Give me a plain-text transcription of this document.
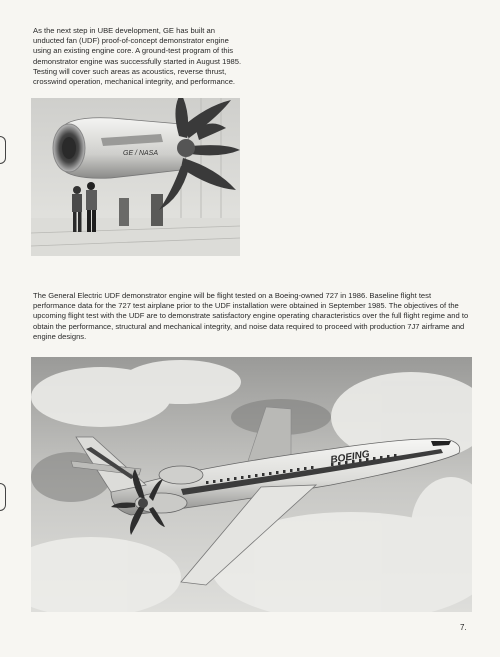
As the next step in UBE development, GE has built an unducted fan (UDF) proof-of-concept demonstrator engine using an existing engine core. A ground-test program of this demonstrator engine was successfully started in August 1985. Testing will cover such areas as acoustics, reverse thrust, crosswind operation, mechanical integrity, and performance.

GE / NASA

The General Electric UDF demonstrator engine will be flight tested on a Boeing-owned 727 in 1986. Baseline flight test performance data for the 727 test airplane prior to the UDF installation were obtained in September 1985. The objectives of the upcoming flight test with the UDF are to demonstrate satisfactory engine operating characteristics over the full flight regime and to obtain the performance, structural and mechanical integrity, and noise data required to proceed with production 7J7 airframe and engine designs.

BOEING
7.
